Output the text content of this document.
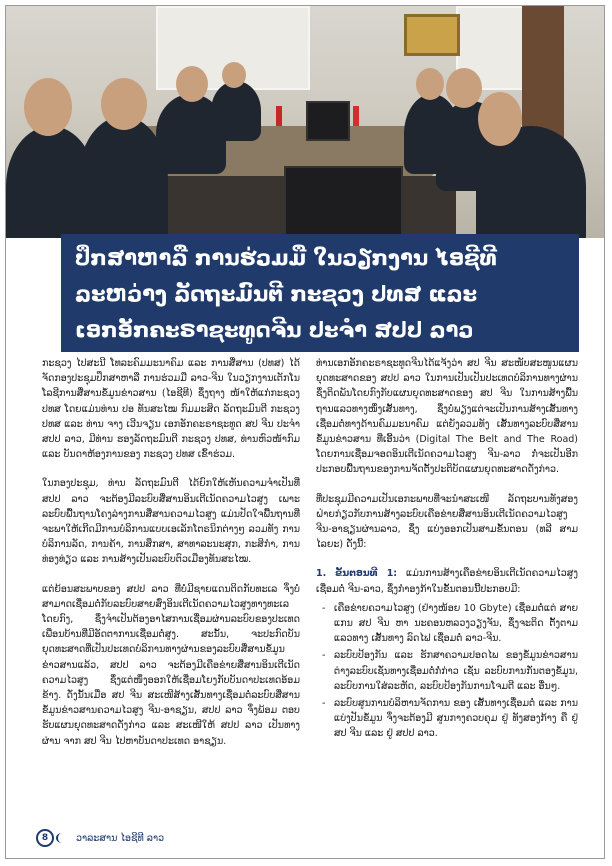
ປຶກສາຫາລື ການຮ່ວມມື ໃນວຽກງານ ໄອຊີທີ
ລະຫວ່າງ ລັດຖະມົນຕີ ກະຊວງ ປທສ ແລະ
ເອກອັກຄະຣາຊະທູດຈີນ ປະຈຳ ສປປ ລາວ

ກະຊວງ ໄປສະນີ ໂທລະຄົມມະນາຄົມ ແລະ ການສື່ສານ (ປທສ) ໄດ້ຈັດກອງປະຊຸມປຶກສາຫາລື ການຮ່ວມມື ລາວ-ຈີນ ໃນວຽກງານເຕັກໂນໂລຊີການສື່ສານຂໍ້ມູນຂ່າວສານ (ໄອຊີທີ) ຊຶ່ງຖາງ ໜ້າໃຫ້ແກ່ກະຊວງ ປທສ ໂດຍແມ່ນທ່ານ ປອ ທັນສະໄໝ ກົມມະສິດ ລັດຖະມົນຕີ ກະຊວງ ປທສ ແລະ ທ່ານ ຈາງ ເວີນຈຽນ ເອກອັກຄະຣາຊະທູດ ສປ ຈີນ ປະຈຳ ສປປ ລາວ, ມີທ່ານ ຮອງລັດຖະມົນຕີ ກະຊວງ ປທສ, ທ່ານຫົວໜ້າກົມ ແລະ ບັນດາຫ້ອງການຂອງ ກະຊວງ ປທສ ເຂົ້າຮ່ວມ.

ໃນກອງປະຊຸມ, ທ່ານ ລັດຖະມົນຕີ ໄດ້ຍົກໃຫ້ເຫັນຄວາມຈຳເປັນທີ່ ສປປ ລາວ ຈະຕ້ອງມີລະບົບສື່ສານອິນເຕີເນັດຄວາມໄວສູງ ເພາະລະບົບພື້ນຖານໂຄງລ່າງການສື່ສານຄວາມໄວສູງ ແມ່ນປັດໃຈພື້ນຖານທີ່ຈະພາໃຫ້ເກີດມີການບໍລິການແບບເອເລັກໂຕຣນິກຕ່າງໆ ລວມທັງ ການບໍລິການລັດ, ການຄ້າ, ການສຶກສາ, ສາທາລະນະສຸກ, ກະສິກຳ, ການທ່ອງທ່ຽວ ແລະ ການສ້າງເປັນລະບົບຕົວເມືອງທັນສະໄໝ.

ແຕ່ຍ້ອນສະພາບຂອງ ສປປ ລາວ ທີ່ບໍ່ມີຊາຍແດນຕິດກັບທະເລ ຈຶ່ງບໍ່ສາມາດເຊື່ອມຕໍ່ກັບລະບົບສາຍສົ່ງອິນເຕີເນັດຄວາມໄວສູງທາງທະເລໂດຍກົງ, ຊຶ່ງຈຳເປັນຕ້ອງອາໄສການເຊື່ອມຜ່ານລະບົບຂອງປະເທດເພື່ອນບ້ານທີ່ມີອັດຕາການເຊື່ອມຕໍ່ສູງ. ສະນັ້ນ, ຈະປະກົດບັນຍຸດທະສາດທີ່ເປັນປະເທດບໍລິການທາງຜ່ານຂອງລະບົບສື່ສານຂໍ້ມູນຂ່າວສານແລ້ວ, ສປປ ລາວ ຈະຕ້ອງມີເຄືອຂ່າຍສື່ສານອິນເຕີເນັດຄວາມໄວສູງ ຊຶ່ງແຕ່ໜຶ່ງອອກໃຫ້ເຊື່ອມໂຍງກັບບັນດາປະເທດອ້ອມຂ້າງ. ດັ່ງນັ້ນເມື່ອ ສປ ຈີນ ສະເໜີສ້າງເສັ້ນທາງເຊື່ອມຕໍ່ລະບົບສື່ສານຂໍ້ມູນຂ່າວສານຄວາມໄວສູງ ຈີນ-ອາຊຽນ, ສປປ ລາວ ຈຶ່ງພ້ອມ ຕອບຮັບແຜນຍຸດທະສາດດັ່ງກ່າວ ແລະ ສະເໜີໃຫ້ ສປປ ລາວ ເປັນທາງຜ່ານ ຈາກ ສປ ຈີນ ໄປຫາບັນດາປະເທດ ອາຊຽນ.

ທ່ານເອກອັກຄະຣາຊະທູດຈີນໄດ້ແຈ້ງວ່າ ສປ ຈີນ ສະໜັບສະໜູນແຜນຍຸດທະສາດຂອງ ສປປ ລາວ ໃນການເປັນເປັນປະເທດບໍລິການທາງຜ່ານ ຊຶ່ງຕິດພັນໂດຍກົງກັບແຜນຍຸດທະສາດຂອງ ສປ ຈີນ ໃນການສ້າງພື້ນຖານແລວທາງໜຶ່ງເສັ້ນທາງ, ຊຶ່ງບໍ່ພຽງແຕ່ຈະເປັນການສ້າງເສັ້ນທາງເຊື່ອມຕໍ່ທາງດ້ານຄົມມະນາຄົມ ແຕ່ຍັງລວມທັງ ເສັ້ນທາງລະບົບສື່ສານຂໍ້ມູນຂ່າວສານ ທີ່ເອີ້ນວ່າ (Digital The Belt and The Road) ໂດຍການເຊື່ອມຈອດອິນເຕີເນັດຄວາມໄວສູງ ຈີນ-ລາວ ກໍ່ຈະເປັນອີກປະກອບພື້ນຖານຂອງການຈັດຕັ້ງປະຕິບັດແຜນຍຸດທະສາດດັ່ງກ່າວ.

ທີ່ປະຊຸມມີຄວາມເປັນເອກະພາບທີ່ຈະນຳສະເໜີ ລັດຖະບານທັງສອງຝ່າຍກ່ຽວກັບການສ້າງລະບົບເຄືອຂ່າຍສື່ສານອິນເຕີເນັດຄວາມໄວສູງ ຈີນ-ອາຊຽນຜ່ານລາວ, ຊຶ່ງ ແບ່ງອອກເປັນສາມຂັ້ນຕອນ (ທລີ ສາມໄລຍະ) ດັ່ງນີ້:

1. ຂັ້ນຕອນທີ 1: ແມ່ນການສ້າງເຄືອຂ່າຍອິນເຕີເນັດຄວາມໄວສູງເຊື່ອມຕໍ່ ຈີນ-ລາວ, ຊຶ່ງກຳອງກ້າໃນຂັ້ນຕອນນີ້ປະກອບມີ:

- ເຄືອຂ່າຍຄວາມໄວສູງ (ຢ່າງໜ້ອຍ 10 Gbyte) ເຊື່ອມຕໍ່ແຕ່ ສາຍແກນ ສປ ຈີນ ຫາ ນະຄອນຫລວງວຽງຈັນ, ຊຶ່ງຈະຕິດ ຕັ້ງຕາມແລວທາງ ເສັ້ນທາງ ລົດໄຟ ເຊື່ອມຕໍ່ ລາວ-ຈີນ.
- ລະບົບປ້ອງກັນ ແລະ ຮັກສາຄວາມປອດໄພ ຂອງຂໍ້ມູນຂ່າວສານ ຕ່າງລະບົບເຊັ່ນທາງເຊື່ອມຕໍ່ກໍ່ກ່າວ ເຊັ່ນ ລະບົບການກັ່ນຕອງຂໍ້ມູນ, ລະບົບການໃສ່ລະຫັດ, ລະບົບປ້ອງກັນການໂຈມຕີ ແລະ ອື່ນໆ.
- ລະບົບສູນການບໍລິຫານຈັດການ ຂອງ ເສັ້ນທາງເຊື່ອມຕໍ່ ແລະ ການແບ່ງປັນຂໍ້ມູນ ຈຶ່ງຈະຕ້ອງມີ ສູນກາງຄວບຄຸມ ຢູ່ ທັງສອງກ້າງ ຄື ຢູ່ ສປ ຈີນ ແລະ ຢູ່ ສປປ ລາວ.
8	ວາລະສານ ໄອຊີທີ ລາວ
